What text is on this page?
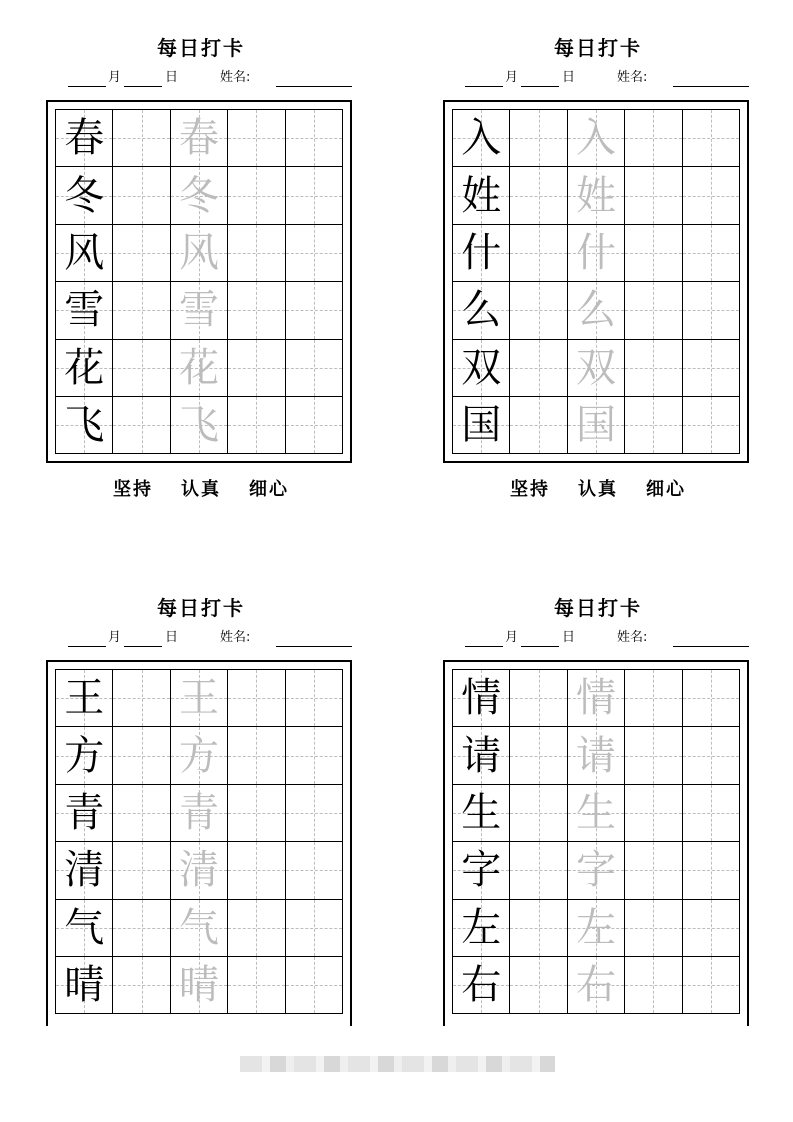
每日打卡
月	日	姓名:
春 春
冬 冬
风 风
雪 雪
花 花
飞 飞
坚持 认真 细心
每日打卡
月	日	姓名:
入 入
姓 姓
什 什
么 么
双 双
国 国
坚持 认真 细心
每日打卡
月	日	姓名:
王 王
方 方
青 青
清 清
气 气
晴 晴
每日打卡
月	日	姓名:
情 情
请 请
生 生
字 字
左 左
右 右
